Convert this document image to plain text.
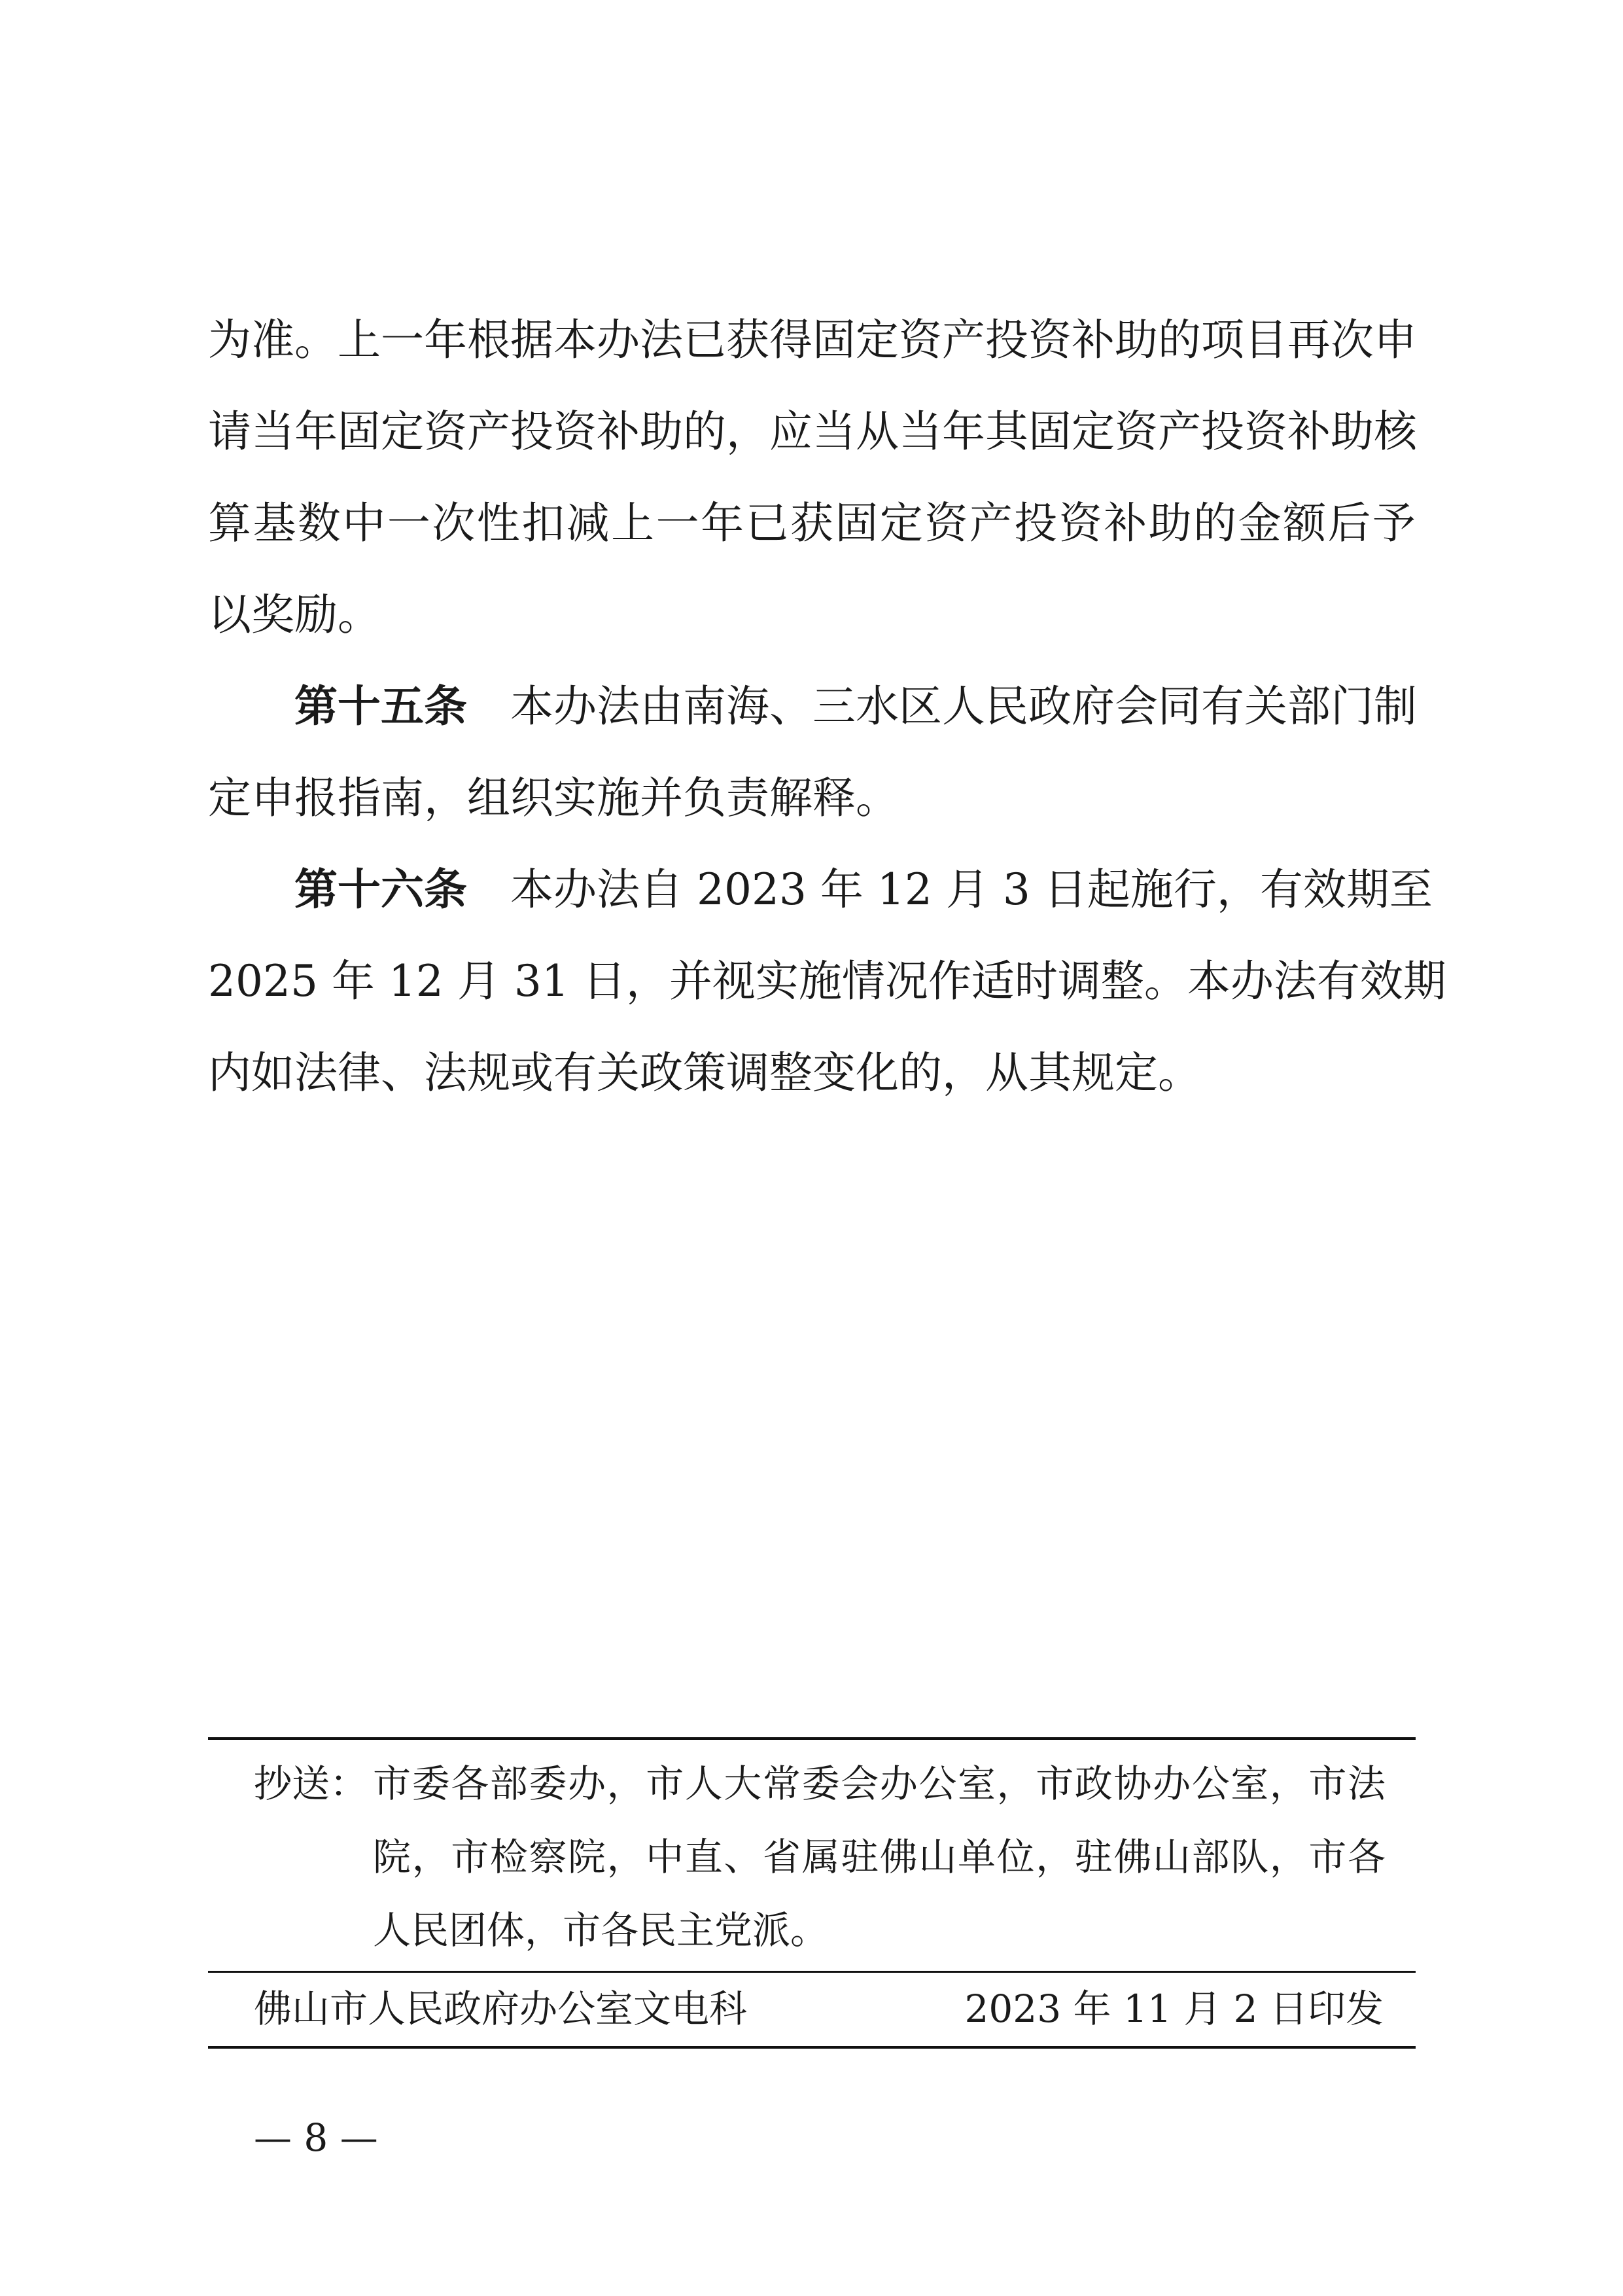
为准。上一年根据本办法已获得固定资产投资补助的项目再次申
请当年固定资产投资补助的，应当从当年其固定资产投资补助核
算基数中一次性扣减上一年已获固定资产投资补助的金额后予
以奖励。
第十五条 本办法由南海、三水区人民政府会同有关部门制
定申报指南，组织实施并负责解释。
第十六条 本办法自 2023 年 12 月 3 日起施行，有效期至
2025 年 12 月 31 日，并视实施情况作适时调整。本办法有效期
内如法律、法规或有关政策调整变化的，从其规定。
抄送： 市委各部委办，市人大常委会办公室，市政协办公室，市法
院，市检察院，中直、省属驻佛山单位，驻佛山部队，市各
人民团体，市各民主党派。
佛山市人民政府办公室文电科	2023 年 11 月 2 日印发
— 8 —
